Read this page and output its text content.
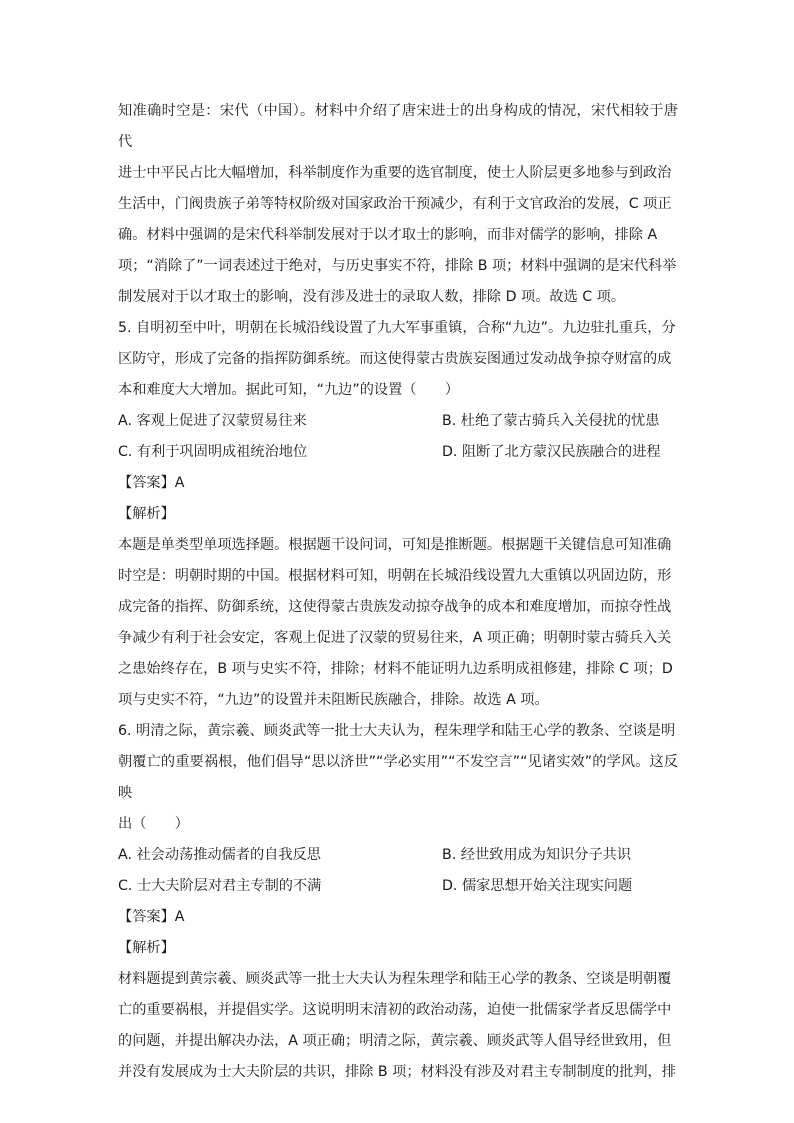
知准确时空是：宋代（中国）。材料中介绍了唐宋进士的出身构成的情况，宋代相较于唐代

进士中平民占比大幅增加，科举制度作为重要的选官制度，使士人阶层更多地参与到政治

生活中，门阀贵族子弟等特权阶级对国家政治干预减少，有利于文官政治的发展，C 项正

确。材料中强调的是宋代科举制发展对于以才取士的影响，而非对儒学的影响，排除 A

项；“消除了”一词表述过于绝对，与历史事实不符，排除 B 项；材料中强调的是宋代科举

制发展对于以才取士的影响，没有涉及进士的录取人数，排除 D 项。故选 C 项。

5. 自明初至中叶，明朝在长城沿线设置了九大军事重镇，合称“九边”。九边驻扎重兵，分

区防守，形成了完备的指挥防御系统。而这使得蒙古贵族妄图通过发动战争掠夺财富的成

本和难度大大增加。据此可知，“九边”的设置（　　）

A. 客观上促进了汉蒙贸易往来	B. 杜绝了蒙古骑兵入关侵扰的忧患
C. 有利于巩固明成祖统治地位	D. 阻断了北方蒙汉民族融合的进程
【答案】A
【解析】

本题是单类型单项选择题。根据题干设问词，可知是推断题。根据题干关键信息可知准确

时空是：明朝时期的中国。根据材料可知，明朝在长城沿线设置九大重镇以巩固边防，形

成完备的指挥、防御系统，这使得蒙古贵族发动掠夺战争的成本和难度增加，而掠夺性战

争减少有利于社会安定，客观上促进了汉蒙的贸易往来，A 项正确；明朝时蒙古骑兵入关

之患始终存在，B 项与史实不符，排除；材料不能证明九边系明成祖修建，排除 C 项；D

项与史实不符，“九边”的设置并未阻断民族融合，排除。故选 A 项。

6. 明清之际，黄宗羲、顾炎武等一批士大夫认为，程朱理学和陆王心学的教条、空谈是明

朝覆亡的重要祸根，他们倡导“思以济世”“学必实用”“不发空言”“见诸实效”的学风。这反映

出（　　）

A. 社会动荡推动儒者的自我反思	B. 经世致用成为知识分子共识
C. 士大夫阶层对君主专制的不满	D. 儒家思想开始关注现实问题
【答案】A
【解析】

材料题提到黄宗羲、顾炎武等一批士大夫认为程朱理学和陆王心学的教条、空谈是明朝覆

亡的重要祸根，并提倡实学。这说明明末清初的政治动荡，迫使一批儒家学者反思儒学中

的问题，并提出解决办法，A 项正确；明清之际，黄宗羲、顾炎武等人倡导经世致用，但

并没有发展成为士大夫阶层的共识，排除 B 项；材料没有涉及对君主专制制度的批判，排
